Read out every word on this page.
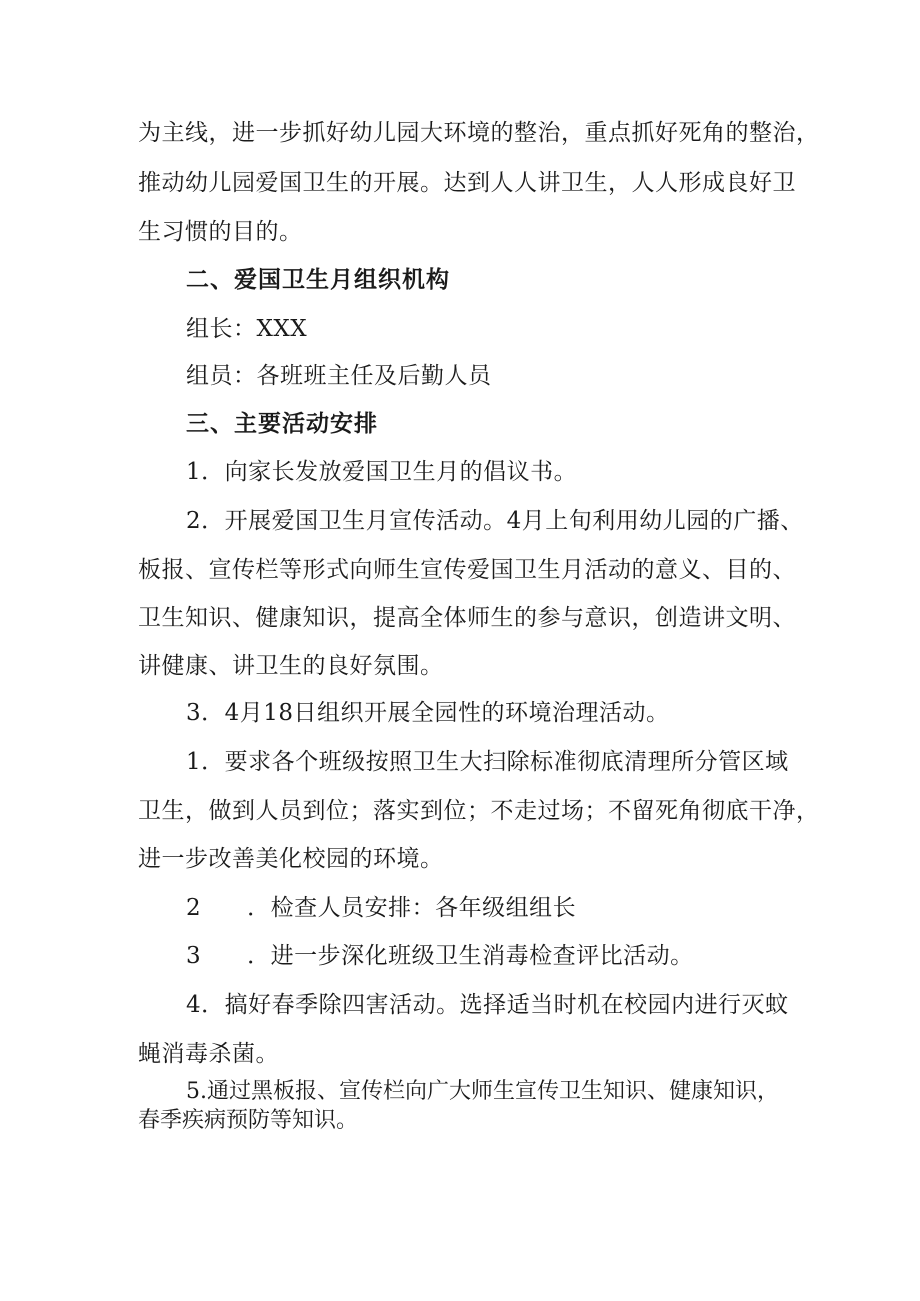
为主线，进一步抓好幼儿园大环境的整治，重点抓好死角的整治，
推动幼儿园爱国卫生的开展。达到人人讲卫生，人人形成良好卫
生习惯的目的。
二、爱国卫生月组织机构
组长：XXX
组员：各班班主任及后勤人员
三、主要活动安排
1．向家长发放爱国卫生月的倡议书。
2．开展爱国卫生月宣传活动。4月上旬利用幼儿园的广播、
板报、宣传栏等形式向师生宣传爱国卫生月活动的意义、目的、
卫生知识、健康知识，提高全体师生的参与意识，创造讲文明、
讲健康、讲卫生的良好氛围。
3．4月18日组织开展全园性的环境治理活动。
1．要求各个班级按照卫生大扫除标准彻底清理所分管区域
卫生，做到人员到位；落实到位；不走过场；不留死角彻底干净，
进一步改善美化校园的环境。
2 ．检查人员安排：各年级组组长
3 ．进一步深化班级卫生消毒检查评比活动。
4．搞好春季除四害活动。选择适当时机在校园内进行灭蚊
蝇消毒杀菌。
5.通过黑板报、宣传栏向广大师生宣传卫生知识、健康知识，
春季疾病预防等知识。
